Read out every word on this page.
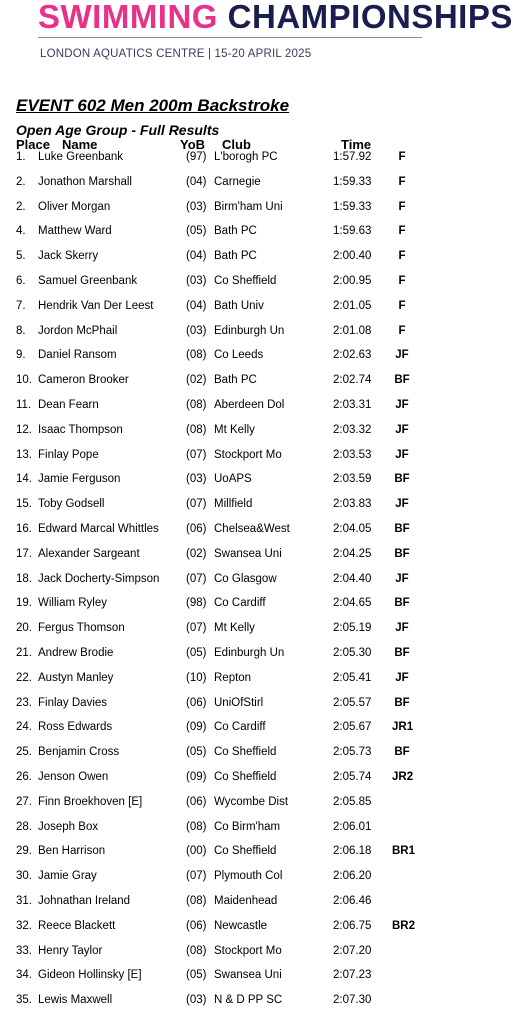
SWIMMING CHAMPIONSHIPS
LONDON AQUATICS CENTRE | 15-20 APRIL 2025
EVENT 602 Men 200m Backstroke
Open Age Group - Full Results
Place Name	YoB Club	Time
1. Luke Greenbank	(97) L'borogh PC	1:57.92	F
2. Jonathon Marshall	(04) Carnegie	1:59.33	F
2. Oliver Morgan	(03) Birm'ham Uni	1:59.33	F
4. Matthew Ward	(05) Bath PC	1:59.63	F
5. Jack Skerry	(04) Bath PC	2:00.40	F
6. Samuel Greenbank	(03) Co Sheffield	2:00.95	F
7. Hendrik Van Der Leest	(04) Bath Univ	2:01.05	F
8. Jordon McPhail	(03) Edinburgh Un	2:01.08	F
9. Daniel Ransom	(08) Co Leeds	2:02.63 JF
10. Cameron Brooker	(02) Bath PC	2:02.74 BF
11. Dean Fearn	(08) Aberdeen Dol	2:03.31 JF
12. Isaac Thompson	(08) Mt Kelly	2:03.32 JF
13. Finlay Pope	(07) Stockport Mo	2:03.53 JF
14. Jamie Ferguson	(03) UoAPS	2:03.59 BF
15. Toby Godsell	(07) Millfield	2:03.83 JF
16. Edward Marcal Whittles (06) Chelsea&West	2:04.05 BF
17. Alexander Sargeant	(02) Swansea Uni	2:04.25 BF
18. Jack Docherty-Simpson (07) Co Glasgow	2:04.40 JF
19. William Ryley	(98) Co Cardiff	2:04.65 BF
20. Fergus Thomson	(07) Mt Kelly	2:05.19 JF
21. Andrew Brodie	(05) Edinburgh Un	2:05.30 BF
22. Austyn Manley	(10) Repton	2:05.41 JF
23. Finlay Davies	(06) UniOfStirl	2:05.57 BF
24. Ross Edwards	(09) Co Cardiff	2:05.67 JR1
25. Benjamin Cross	(05) Co Sheffield	2:05.73 BF
26. Jenson Owen	(09) Co Sheffield	2:05.74 JR2
27. Finn Broekhoven [E]	(06) Wycombe Dist	2:05.85
28. Joseph Box	(08) Co Birm'ham	2:06.01
29. Ben Harrison	(00) Co Sheffield	2:06.18 BR1
30. Jamie Gray	(07) Plymouth Col	2:06.20
31. Johnathan Ireland	(08) Maidenhead	2:06.46
32. Reece Blackett	(06) Newcastle	2:06.75 BR2
33. Henry Taylor	(08) Stockport Mo	2:07.20
34. Gideon Hollinsky [E]	(05) Swansea Uni	2:07.23
35. Lewis Maxwell	(03) N & D PP SC	2:07.30
